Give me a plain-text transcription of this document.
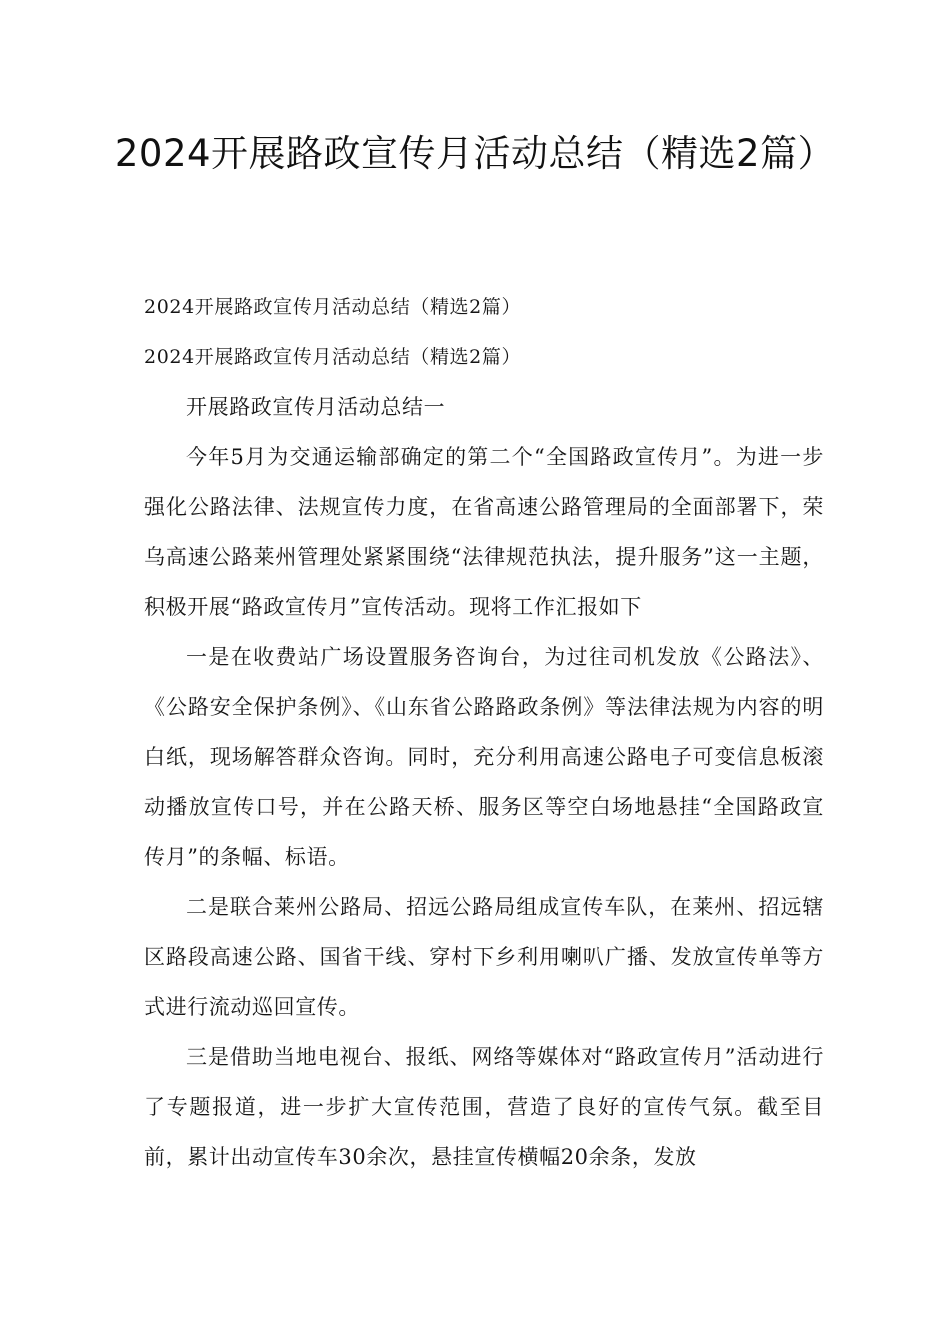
2024开展路政宣传月活动总结（精选2篇）

2024开展路政宣传月活动总结（精选2篇）

2024开展路政宣传月活动总结（精选2篇）

开展路政宣传月活动总结一

今年5月为交通运输部确定的第二个“全国路政宣传月”。为进一步强化公路法律、法规宣传力度，在省高速公路管理局的全面部署下，荣乌高速公路莱州管理处紧紧围绕“法律规范执法，提升服务”这一主题，积极开展“路政宣传月”宣传活动。现将工作汇报如下

一是在收费站广场设置服务咨询台，为过往司机发放《公路法》、《公路安全保护条例》、《山东省公路路政条例》等法律法规为内容的明白纸，现场解答群众咨询。同时，充分利用高速公路电子可变信息板滚动播放宣传口号，并在公路天桥、服务区等空白场地悬挂“全国路政宣传月”的条幅、标语。

二是联合莱州公路局、招远公路局组成宣传车队，在莱州、招远辖区路段高速公路、国省干线、穿村下乡利用喇叭广播、发放宣传单等方式进行流动巡回宣传。

三是借助当地电视台、报纸、网络等媒体对“路政宣传月”活动进行了专题报道，进一步扩大宣传范围，营造了良好的宣传气氛。截至目前，累计出动宣传车30余次，悬挂宣传横幅20余条，发放
